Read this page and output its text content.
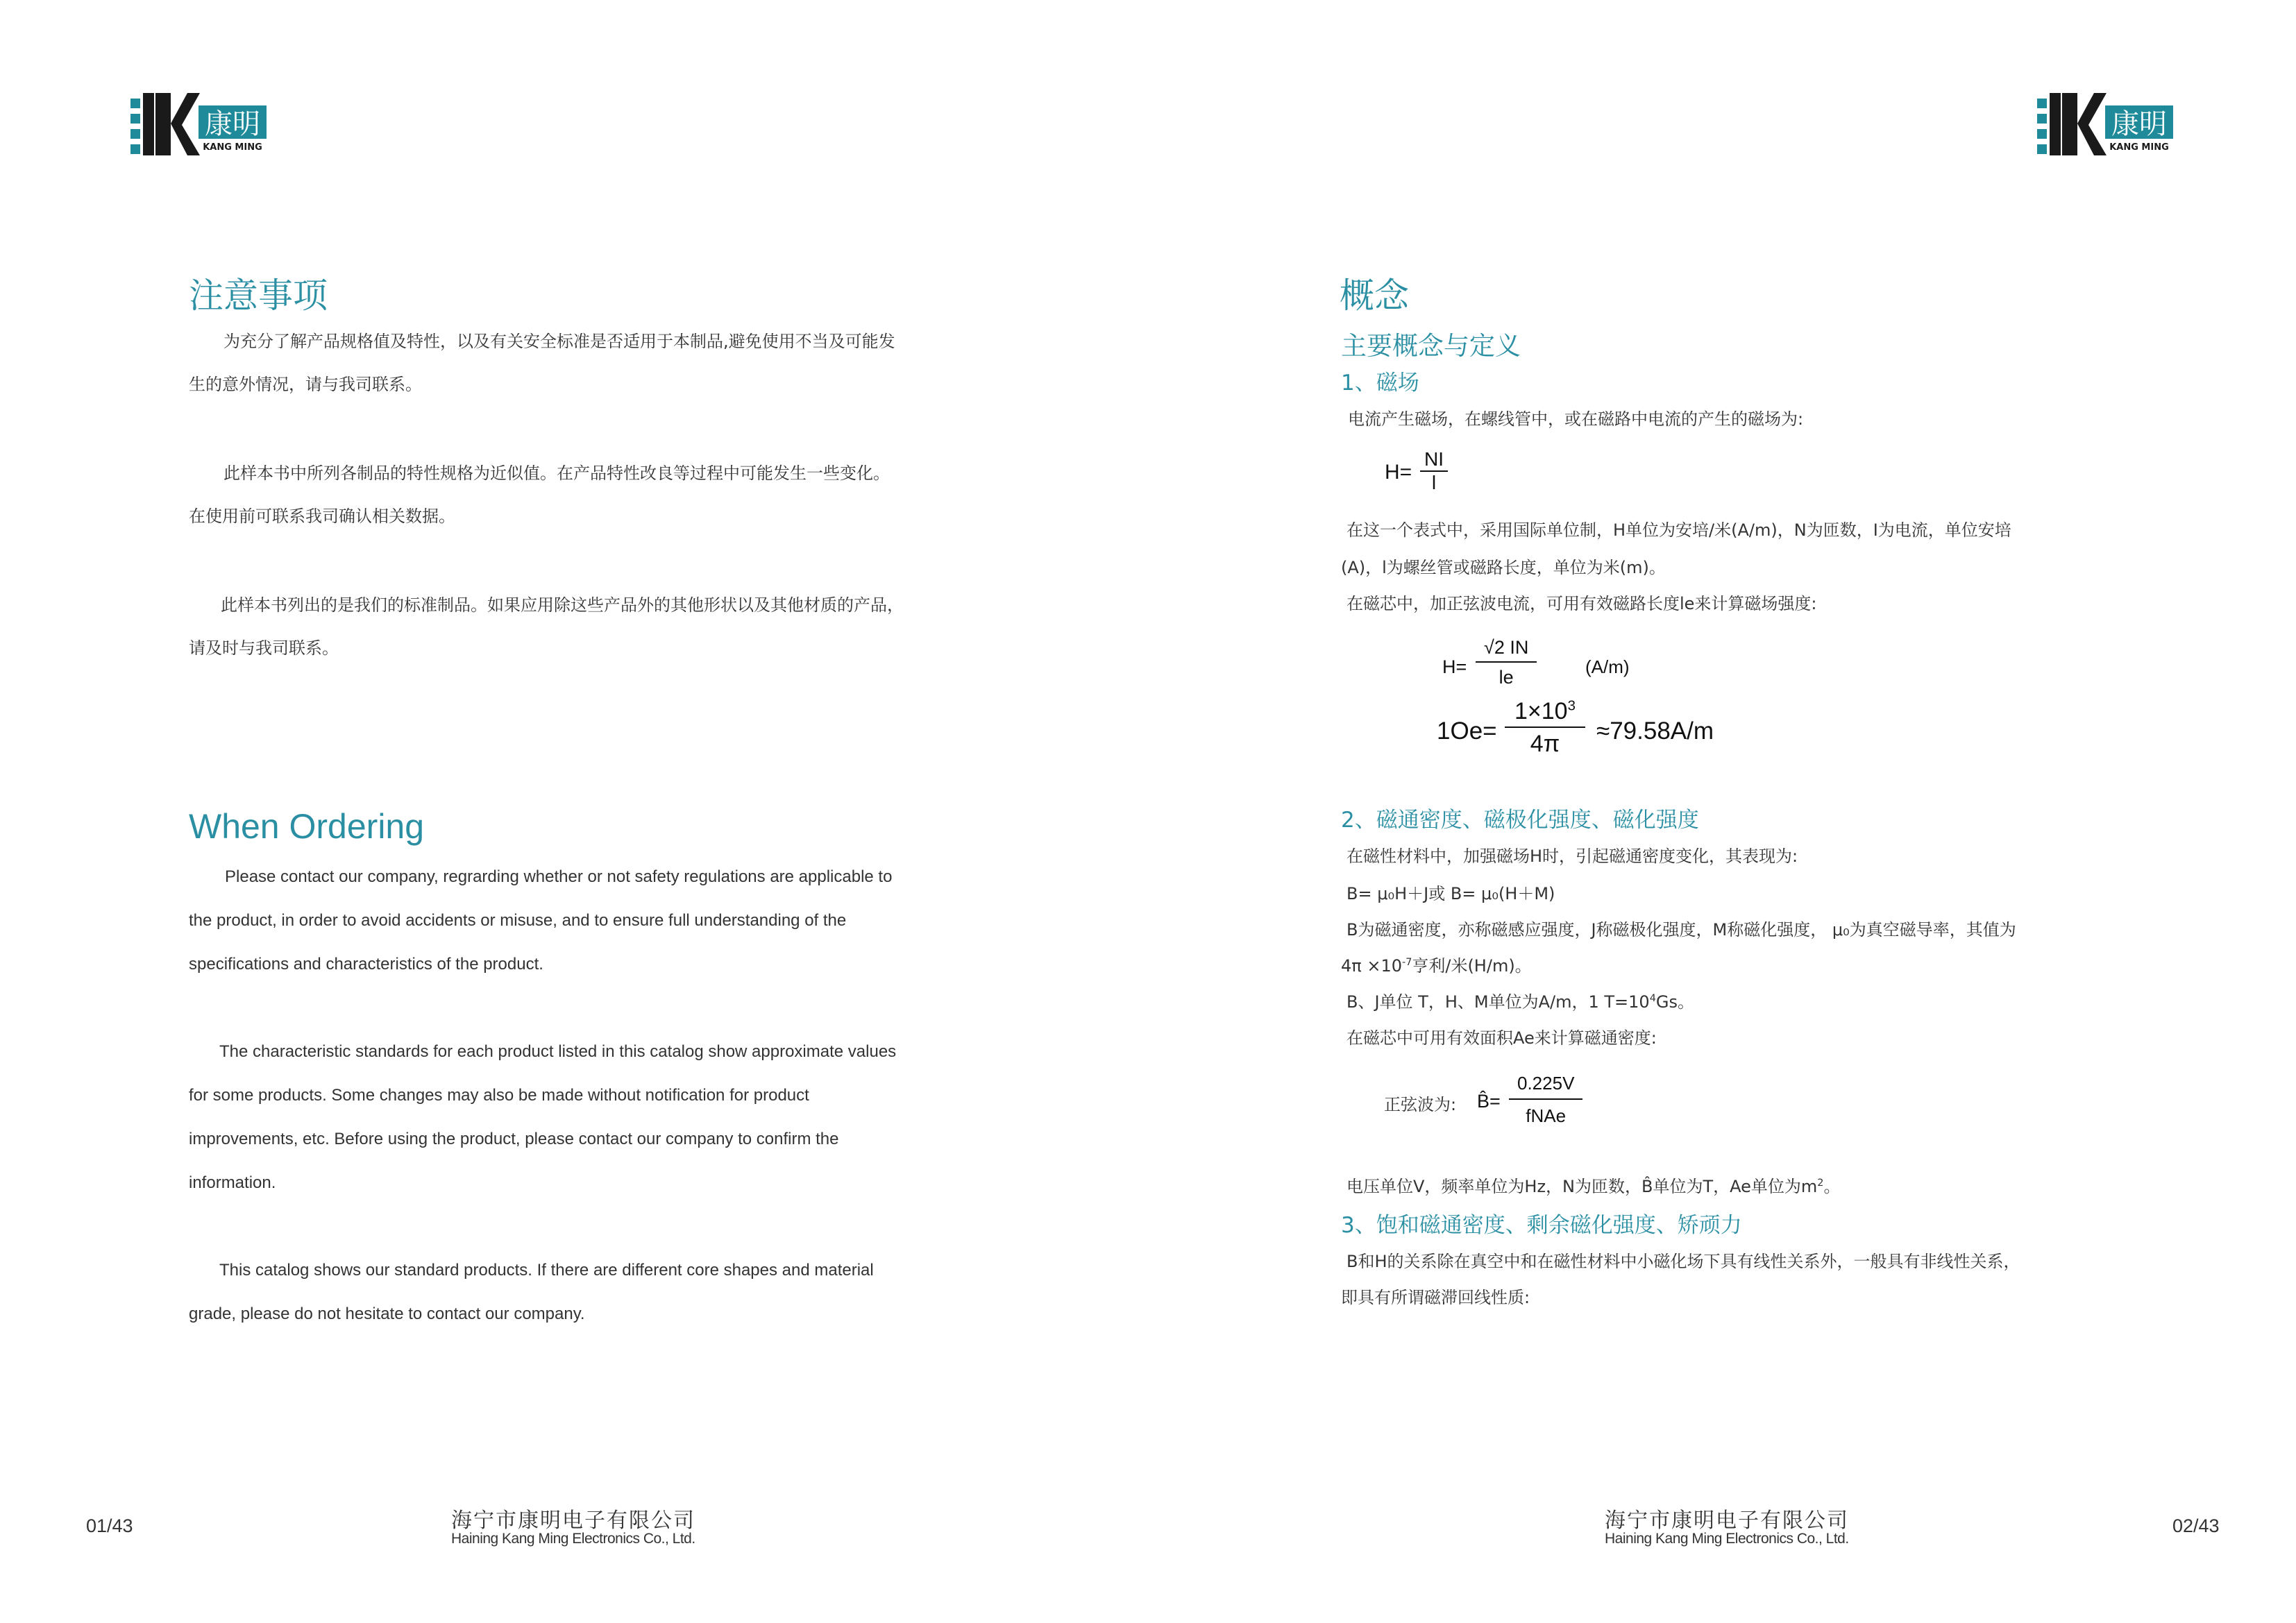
康明
KANG MING
康明
KANG MING
注意事项
为充分了解产品规格值及特性，以及有关安全标准是否适用于本制品,避免使用不当及可能发
生的意外情况，请与我司联系。
此样本书中所列各制品的特性规格为近似值。在产品特性改良等过程中可能发生一些变化。
在使用前可联系我司确认相关数据。
此样本书列出的是我们的标准制品。如果应用除这些产品外的其他形状以及其他材质的产品，
请及时与我司联系。
When Ordering
Please contact our company, regrarding whether or not safety regulations are applicable to
the product, in order to avoid accidents or misuse, and to ensure full understanding of the
specifications and characteristics of the product.
The characteristic standards for each product listed in this catalog show approximate values
for some products. Some changes may also be made without notification for product
improvements, etc. Before using the product, please contact our company to confirm the
information.
This catalog shows our standard products. If there are different core shapes and material
grade, please do not hesitate to contact our company.
概念
主要概念与定义
1、磁场
电流产生磁场，在螺线管中，或在磁路中电流的产生的磁场为:
$H= \frac{NI}{l}$
在这一个表式中，采用国际单位制，H单位为安培/米(A/m)，N为匝数，I为电流，单位安培
(A)，l为螺丝管或磁路长度，单位为米(m)。
在磁芯中，加正弦波电流，可用有效磁路长度le来计算磁场强度:
$H= \frac{√2 IN}{le}$	(A/m)
$1Oe= \frac{1\times 10^3}{4\pi} \approx 79.58A/m$
2、磁通密度、磁极化强度、磁化强度
在磁性材料中，加强磁场H时，引起磁通密度变化，其表现为:
B= μ₀H＋J或 B= μ₀(H＋M)
B为磁通密度，亦称磁感应强度，J称磁极化强度，M称磁化强度， μ₀为真空磁导率，其值为
$4\pi \times 10^{-7}$亨利/米(H/m)。
B、J单位 T，H、M单位为A/m，1 $T=10^4Gs$。
在磁芯中可用有效面积Ae来计算磁通密度:
正弦波为: B̂=
0.225V
fNAe
电压单位V，频率单位为Hz，N为匝数，B̂单位为T，Ae单位为$m^2$。
3、饱和磁通密度、剩余磁化强度、矫顽力
B和H的关系除在真空中和在磁性材料中小磁化场下具有线性关系外，一般具有非线性关系，
即具有所谓磁滞回线性质:
01/43	海宁市康明电子有限公司
Haining Kang Ming Electronics Co., Ltd.
海宁市康明电子有限公司
Haining Kang Ming Electronics Co., Ltd.
02/43
